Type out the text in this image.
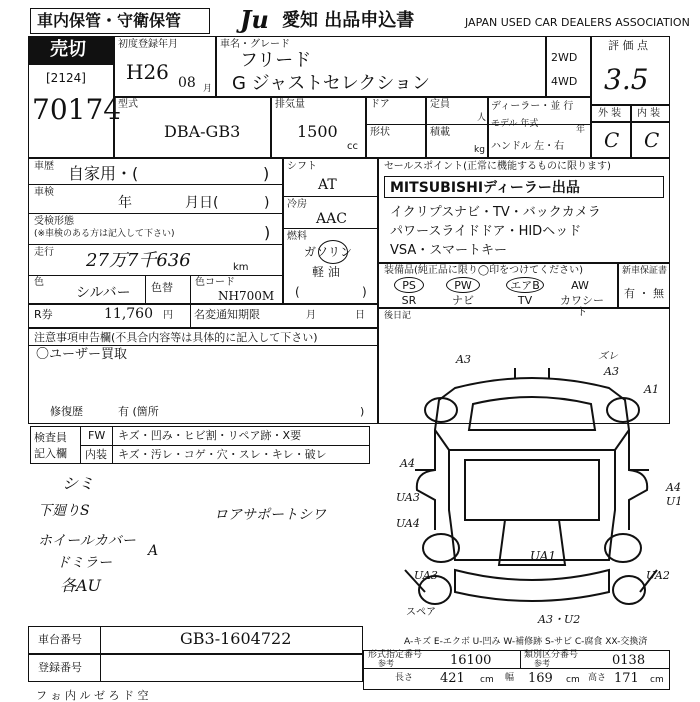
車内保管・守衛保管 Ju 愛知 出品申込書	JAPAN USED CAR DEALERS ASSOCIATION
売切
[2124]
70174
初度登録年月
H26 08 月
車名・グレード
フリード
G ジャストセレクション
2WD
4WD
評 価 点
3.5
外 装 内 装
C C
型式
DBA-GB3
排気量
1500
cc
ドア	定員
人
形状	積載
kg
ディーラー・並 行
モデル 年式
年
ハンドル 左・右
車歴 自家用・(	)
車検
年	月日(	)
受検形態
(※車検のある方は記入して下さい)	)
走行 27万7千636	km
色
シルバー 色替 色コード
NH700M
シフト
AT
冷房
AAC
燃料
ガソリン
軽 油
(	)
R券	11,760 円 名変通知期限	月	日
セールスポイント(正常に機能するものに限ります)
MITSUBISHIディーラー出品
イクリプスナビ・TV・バックカメラ
パワースライドドア・HIDヘッド
VSA・スマートキー
装備品(純正品に限り◯印をつけてください)
PS	PW	エアB	AW
SR	ナビ	TV	カワシート
新車保証書
有 ・ 無
注意事項申告欄(不具合内容等は具体的に記入して下さい)
〇ユーザー買取
修復歴	有 (箇所	)
検査員
記入欄
FW キズ・凹み・ヒビ割・リペア跡・X要
内装 キズ・汚レ・コゲ・穴・スレ・キレ・破レ
シミ
下廻りS	ロアサポートシワ
ホイールカバー
A
ドミラー
各AU
後日記
A3	ズレ
A3
A1
A4
UA3
UA4
A4
U1
UA1
UA3	UA2
スペア
A3・U2
A-キズ E-エクボ U-凹み W-補修跡 S-サビ C-腐食 XX-交換済
車台番号	GB3-1604722
登録番号
形式指定番号
参考	16100	類別区分番号
参考	0138
長さ 421 cm 幅 169 cm 高さ 171 cm
フ ぉ 内 ル ゼ ろ ド 空
